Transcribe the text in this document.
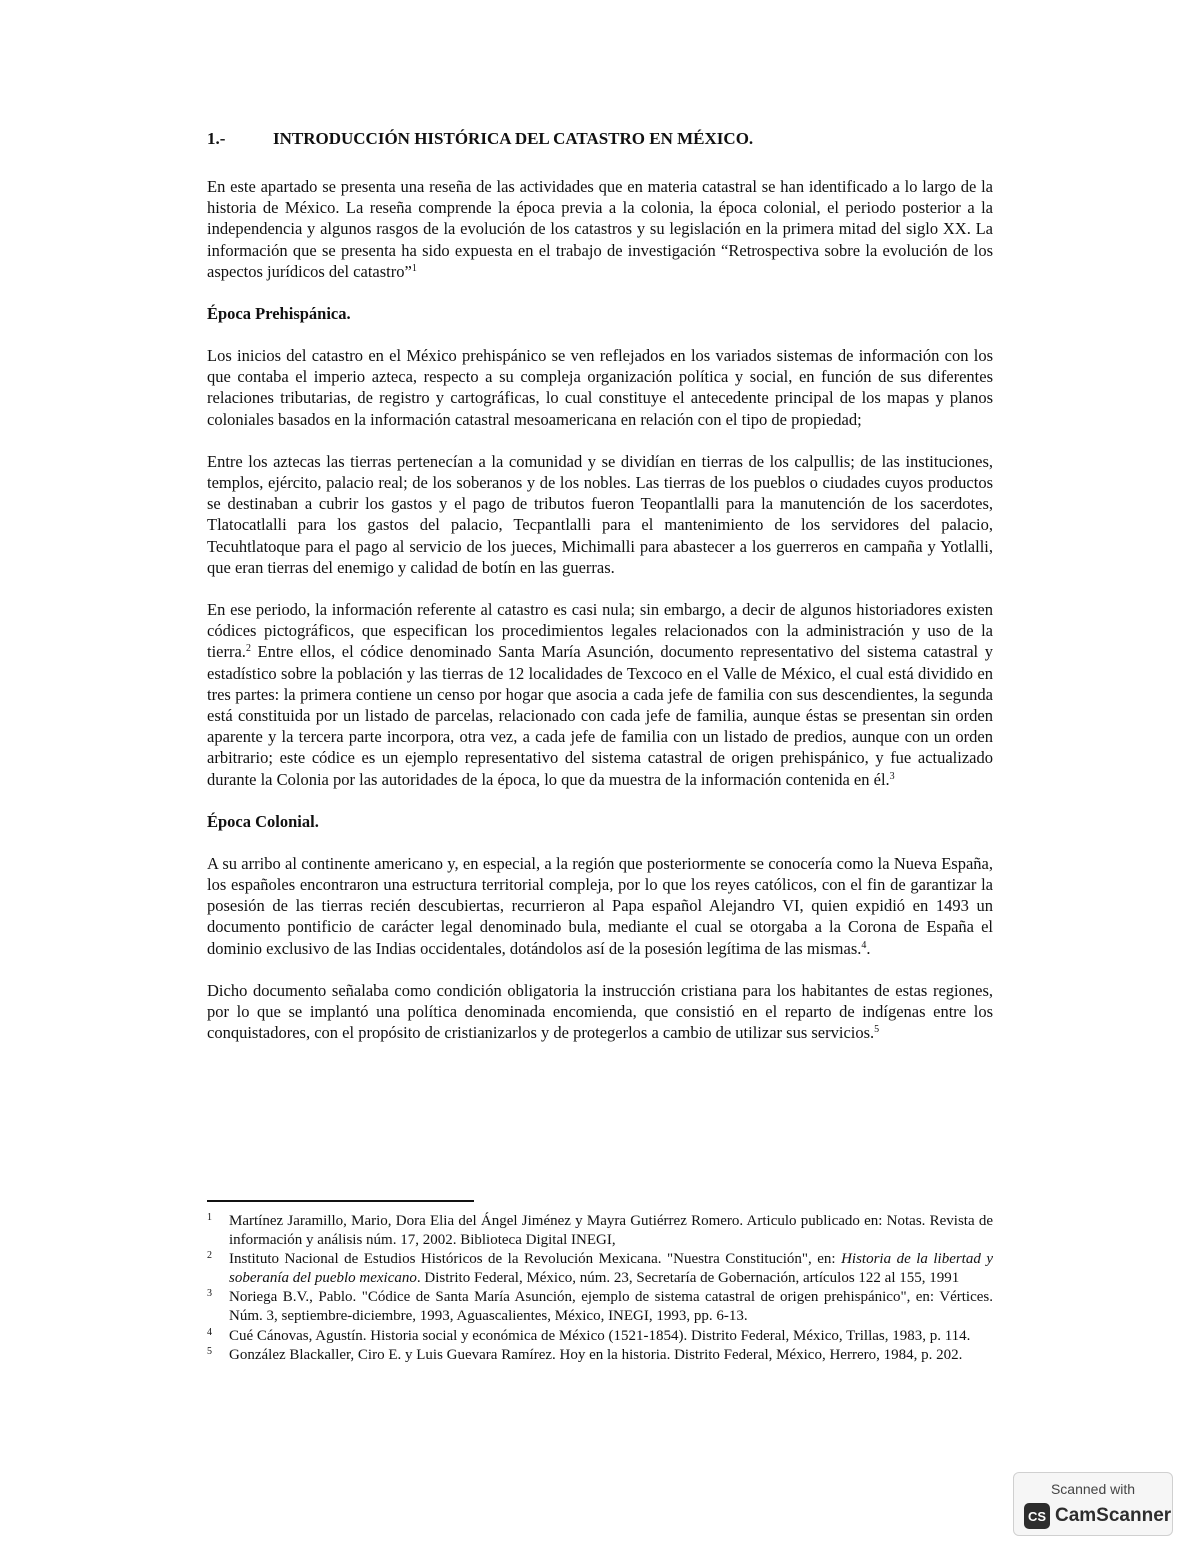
1.-	INTRODUCCIÓN HISTÓRICA DEL CATASTRO EN MÉXICO.

En este apartado se presenta una reseña de las actividades que en materia catastral se han identificado a lo largo de la historia de México. La reseña comprende la época previa a la colonia, la época colonial, el periodo posterior a la independencia y algunos rasgos de la evolución de los catastros y su legislación en la primera mitad del siglo XX. La información que se presenta ha sido expuesta en el trabajo de investigación “Retrospectiva sobre la evolución de los aspectos jurídicos del catastro”$^1$

Época Prehispánica.

Los inicios del catastro en el México prehispánico se ven reflejados en los variados sistemas de información con los que contaba el imperio azteca, respecto a su compleja organización política y social, en función de sus diferentes relaciones tributarias, de registro y cartográficas, lo cual constituye el antecedente principal de los mapas y planos coloniales basados en la información catastral mesoamericana en relación con el tipo de propiedad;

Entre los aztecas las tierras pertenecían a la comunidad y se dividían en tierras de los calpullis; de las instituciones, templos, ejército, palacio real; de los soberanos y de los nobles. Las tierras de los pueblos o ciudades cuyos productos se destinaban a cubrir los gastos y el pago de tributos fueron Teopantlalli para la manutención de los sacerdotes, Tlatocatlalli para los gastos del palacio, Tecpantlalli para el mantenimiento de los servidores del palacio, Tecuhtlatoque para el pago al servicio de los jueces, Michimalli para abastecer a los guerreros en campaña y Yotlalli, que eran tierras del enemigo y calidad de botín en las guerras.

En ese periodo, la información referente al catastro es casi nula; sin embargo, a decir de algunos historiadores existen códices pictográficos, que especifican los procedimientos legales relacionados con la administración y uso de la tierra.$^2$ Entre ellos, el códice denominado Santa María Asunción, documento representativo del sistema catastral y estadístico sobre la población y las tierras de 12 localidades de Texcoco en el Valle de México, el cual está dividido en tres partes: la primera contiene un censo por hogar que asocia a cada jefe de familia con sus descendientes, la segunda está constituida por un listado de parcelas, relacionado con cada jefe de familia, aunque éstas se presentan sin orden aparente y la tercera parte incorpora, otra vez, a cada jefe de familia con un listado de predios, aunque con un orden arbitrario; este códice es un ejemplo representativo del sistema catastral de origen prehispánico, y fue actualizado durante la Colonia por las autoridades de la época, lo que da muestra de la información contenida en él.$^3$

Época Colonial.

A su arribo al continente americano y, en especial, a la región que posteriormente se conocería como la Nueva España, los españoles encontraron una estructura territorial compleja, por lo que los reyes católicos, con el fin de garantizar la posesión de las tierras recién descubiertas, recurrieron al Papa español Alejandro VI, quien expidió en 1493 un documento pontificio de carácter legal denominado bula, mediante el cual se otorgaba a la Corona de España el dominio exclusivo de las Indias occidentales, dotándolos así de la posesión legítima de las mismas.$^4$.

Dicho documento señalaba como condición obligatoria la instrucción cristiana para los habitantes de estas regiones, por lo que se implantó una política denominada encomienda, que consistió en el reparto de indígenas entre los conquistadores, con el propósito de cristianizarlos y de protegerlos a cambio de utilizar sus servicios.$^5$

1	Martínez Jaramillo, Mario, Dora Elia del Ángel Jiménez y Mayra Gutiérrez Romero. Articulo publicado en: Notas. Revista de información y análisis núm. 17, 2002. Biblioteca Digital INEGI,
2	Instituto Nacional de Estudios Históricos de la Revolución Mexicana. "Nuestra Constitución", en: Historia de la libertad y soberanía del pueblo mexicano. Distrito Federal, México, núm. 23, Secretaría de Gobernación, artículos 122 al 155, 1991
3	Noriega B.V., Pablo. "Códice de Santa María Asunción, ejemplo de sistema catastral de origen prehispánico", en: Vértices. Núm. 3, septiembre-diciembre, 1993, Aguascalientes, México, INEGI, 1993, pp. 6-13.
4	Cué Cánovas, Agustín. Historia social y económica de México (1521-1854). Distrito Federal, México, Trillas, 1983, p. 114.
5	González Blackaller, Ciro E. y Luis Guevara Ramírez. Hoy en la historia. Distrito Federal, México, Herrero, 1984, p. 202.
Scanned with
CS CamScanner
